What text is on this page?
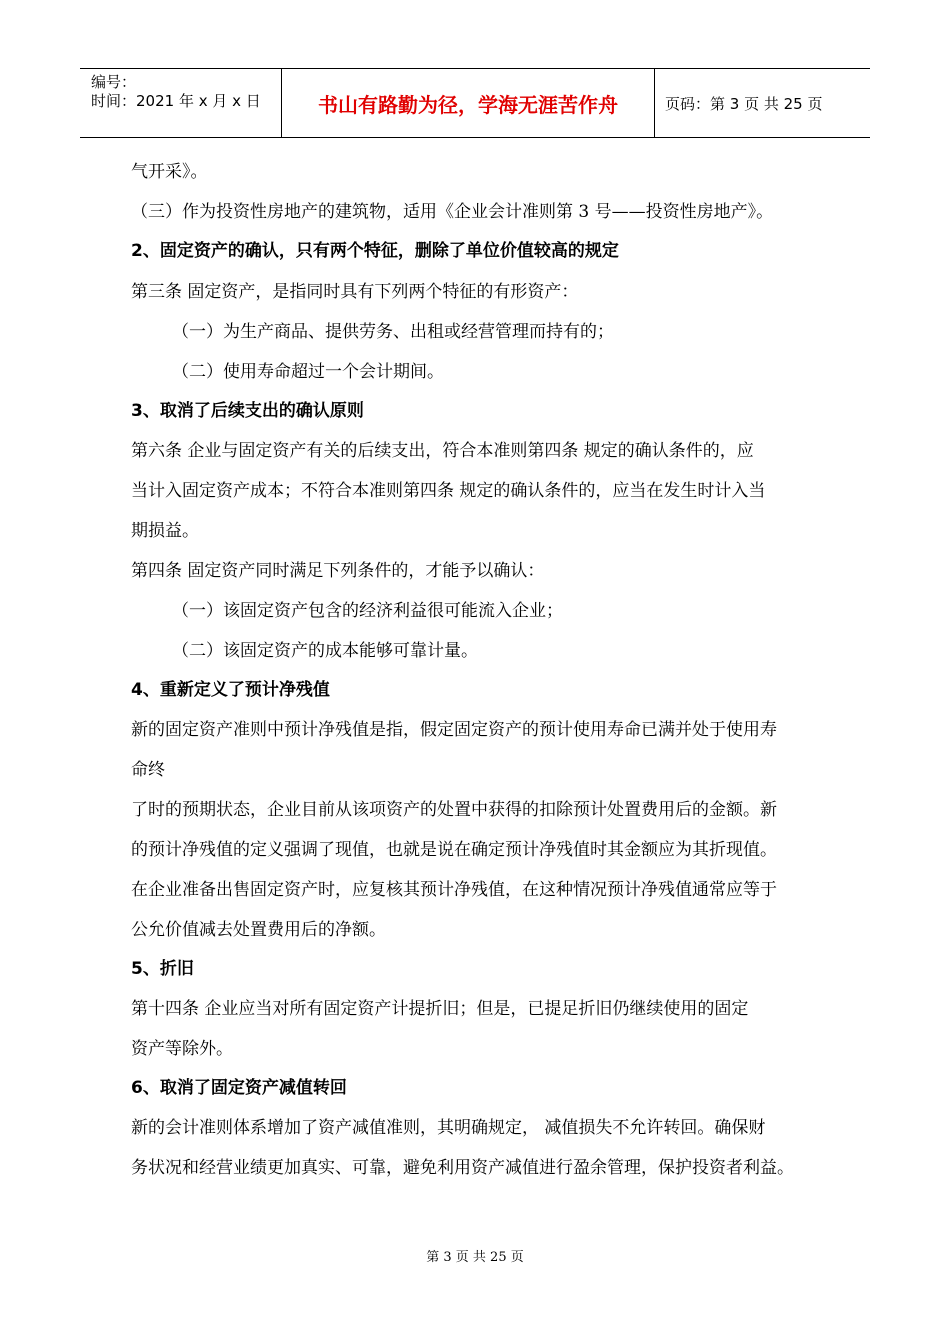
编号：
时间：2021 年 x 月 x 日	书山有路勤为径，学海无涯苦作舟	页码：第 3 页 共 25 页
气开采》。
（三）作为投资性房地产的建筑物，适用《企业会计准则第 3 号——投资性房地产》。
2、固定资产的确认，只有两个特征，删除了单位价值较高的规定
第三条 固定资产，是指同时具有下列两个特征的有形资产：
（一）为生产商品、提供劳务、出租或经营管理而持有的；
（二）使用寿命超过一个会计期间。
3、取消了后续支出的确认原则
第六条 企业与固定资产有关的后续支出，符合本准则第四条 规定的确认条件的，应
当计入固定资产成本；不符合本准则第四条 规定的确认条件的，应当在发生时计入当
期损益。
第四条 固定资产同时满足下列条件的，才能予以确认：
（一）该固定资产包含的经济利益很可能流入企业；
（二）该固定资产的成本能够可靠计量。
4、重新定义了预计净残值
新的固定资产准则中预计净残值是指，假定固定资产的预计使用寿命已满并处于使用寿
命终
了时的预期状态，企业目前从该项资产的处置中获得的扣除预计处置费用后的金额。新
的预计净残值的定义强调了现值，也就是说在确定预计净残值时其金额应为其折现值。
在企业准备出售固定资产时，应复核其预计净残值，在这种情况预计净残值通常应等于
公允价值减去处置费用后的净额。
5、折旧
第十四条 企业应当对所有固定资产计提折旧；但是，已提足折旧仍继续使用的固定
资产等除外。
6、取消了固定资产减值转回
新的会计准则体系增加了资产减值准则，其明确规定， 减值损失不允许转回。确保财
务状况和经营业绩更加真实、可靠，避免利用资产减值进行盈余管理，保护投资者利益。
第 3 页 共 25 页
